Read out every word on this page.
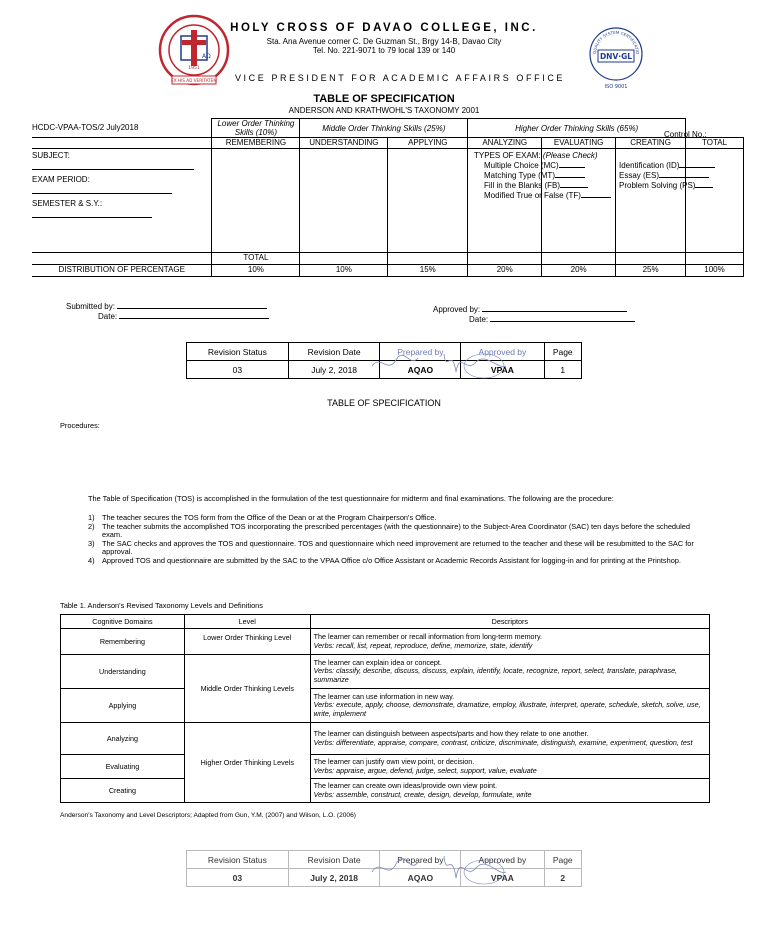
AΩ
1951
EX HIS AD VERITATEM
QUALITY SYSTEM CERTIFICATIO
DNV·GL
ISO 9001
HOLY CROSS OF DAVAO COLLEGE, INC.
Sta. Ana Avenue corner C. De Guzman St., Brgy 14-B, Davao City
Tel. No. 221-9071 to 79 local 139 or 140
VICE PRESIDENT FOR ACADEMIC AFFAIRS OFFICE
TABLE OF SPECIFICATION
ANDERSON AND KRATHWOHL'S TAXONOMY 2001
HCDC-VPAA-TOS/2 July2018	Lower Order Thinking Skills (10%)	Middle Order Thinking Skills (25%)		Higher Order Thinking Skills (65%)			
	REMEMBERING	UNDERSTANDING	APPLYING	ANALYZING	EVALUATING	CREATING	TOTAL

SUBJECT:
EXAM PERIOD:
SEMESTER & S.Y.:							

	TOTAL						
DISTRIBUTION OF PERCENTAGE	10%	10%	15%	20%	20%	25%	100%
Control No.:
TYPES OF EXAM: (Please Check)
Multiple Choice (MC)
Matching Type (MT)
Fill in the Blanks (FB)
Modified True or False (TF)
Identification (ID)
Essay (ES)
Problem Solving (PS)
Submitted by:
Date:
Approved by:
Date:
Revision Status	Revision Date	Prepared by	Approved by	Page
03	July 2, 2018	AQAO	VPAA	1
TABLE OF SPECIFICATION
Procedures:
The Table of Specification (TOS) is accomplished in the formulation of the test questionnaire for midterm and final examinations. The following are the procedure:
1)	The teacher secures the TOS form from the Office of the Dean or at the Program Chairperson's Office.
2)	The teacher submits the accomplished TOS incorporating the prescribed percentages (with the questionnaire) to the Subject-Area Coordinator (SAC) ten days before the scheduled exam.
3)	The SAC checks and approves the TOS and questionnaire. TOS and questionnaire which need improvement are returned to the teacher and these will be resubmitted to the SAC for approval.
4)	Approved TOS and questionnaire are submitted by the SAC to the VPAA Office c/o Office Assistant or Academic Records Assistant for logging-in and for printing at the Printshop.
Table 1. Anderson's Revised Taxonomy Levels and Definitions
Cognitive Domains	Level	Descriptors
Remembering	Lower Order Thinking Level	The learner can remember or recall information from long-term memory.
Verbs: recall, list, repeat, reproduce, define, memorize, state, identify

Understanding	Middle Order Thinking Levels	The learner can explain idea or concept.
Verbs: classify, describe, discuss, discuss, explain, identify, locate, recognize, report, select, translate, paraphrase, summarize

Applying		The learner can use information in new way.
Verbs: execute, apply, choose, demonstrate, dramatize, employ, illustrate, interpret, operate, schedule, sketch, solve, use, write, implement

Analyzing	Higher Order Thinking Levels	The learner can distinguish between aspects/parts and how they relate to one another.
Verbs: differentiate, appraise, compare, contrast, criticize, discriminate, distinguish, examine, experiment, question, test

Evaluating		The learner can justify own view point, or decision.
Verbs: appraise, argue, defend, judge, select, support, value, evaluate

Creating		The learner can create own ideas/provide own view point.
Verbs: assemble, construct, create, design, develop, formulate, write
Anderson's Taxonomy and Level Descriptors; Adapted from Gun, Y.M. (2007) and Wilson, L.O. (2006)
Revision Status	Revision Date	Prepared by	Approved by	Page
03	July 2, 2018	AQAO	VPAA	2
